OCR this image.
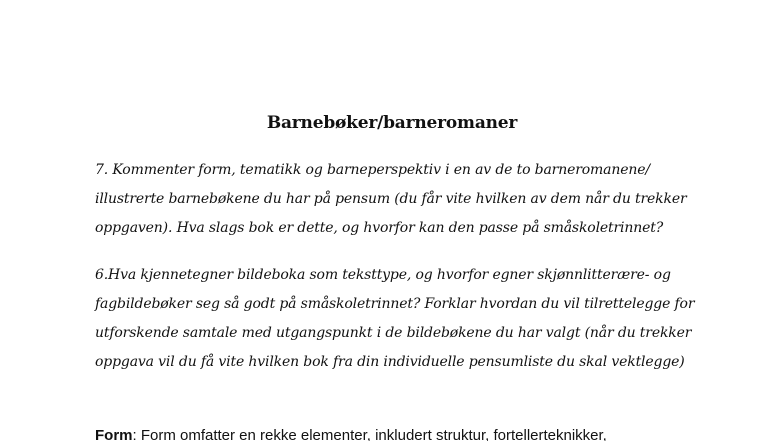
Barnebøker/barneromaner
7. Kommenter form, tematikk og barneperspektiv i en av de to barneromanene/
illustrerte barnebøkene du har på pensum (du får vite hvilken av dem når du trekker
oppgaven). Hva slags bok er dette, og hvorfor kan den passe på småskoletrinnet?
6.Hva kjennetegner bildeboka som teksttype, og hvorfor egner skjønnlitterære- og
fagbildebøker seg så godt på småskoletrinnet? Forklar hvordan du vil tilrettelegge for
utforskende samtale med utgangspunkt i de bildebøkene du har valgt (når du trekker
oppgava vil du få vite hvilken bok fra din individuelle pensumliste du skal vektlegge)
Form: Form omfatter en rekke elementer, inkludert struktur, fortellerteknikker,
